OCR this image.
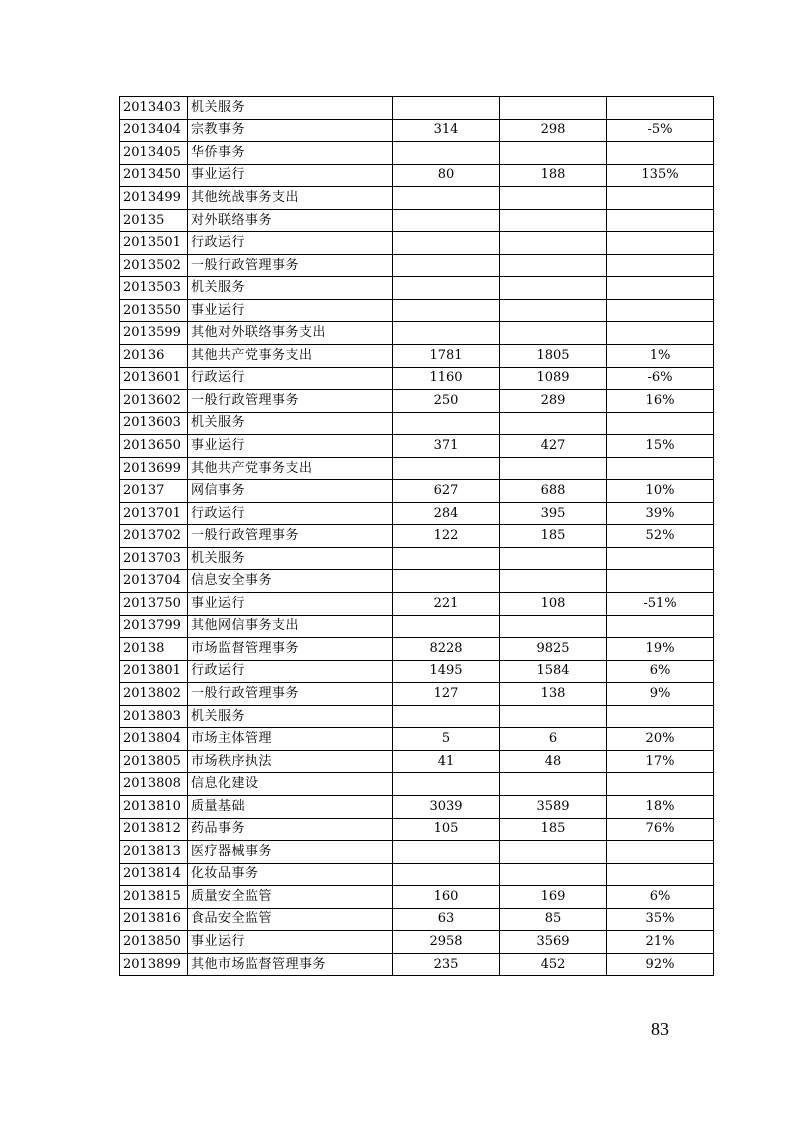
2013403	机关服务			
2013404	宗教事务	314	298	-5%
2013405	华侨事务			
2013450	事业运行	80	188	135%
2013499	其他统战事务支出			
20135	对外联络事务			
2013501	行政运行			
2013502	一般行政管理事务			
2013503	机关服务			
2013550	事业运行			
2013599	其他对外联络事务支出			
20136	其他共产党事务支出	1781	1805	1%
2013601	行政运行	1160	1089	-6%
2013602	一般行政管理事务	250	289	16%
2013603	机关服务			
2013650	事业运行	371	427	15%
2013699	其他共产党事务支出			
20137	网信事务	627	688	10%
2013701	行政运行	284	395	39%
2013702	一般行政管理事务	122	185	52%
2013703	机关服务			
2013704	信息安全事务			
2013750	事业运行	221	108	-51%
2013799	其他网信事务支出			
20138	市场监督管理事务	8228	9825	19%
2013801	行政运行	1495	1584	6%
2013802	一般行政管理事务	127	138	9%
2013803	机关服务			
2013804	市场主体管理	5	6	20%
2013805	市场秩序执法	41	48	17%
2013808	信息化建设			
2013810	质量基础	3039	3589	18%
2013812	药品事务	105	185	76%
2013813	医疗器械事务			
2013814	化妆品事务			
2013815	质量安全监管	160	169	6%
2013816	食品安全监管	63	85	35%
2013850	事业运行	2958	3569	21%
2013899	其他市场监督管理事务	235	452	92%
83
